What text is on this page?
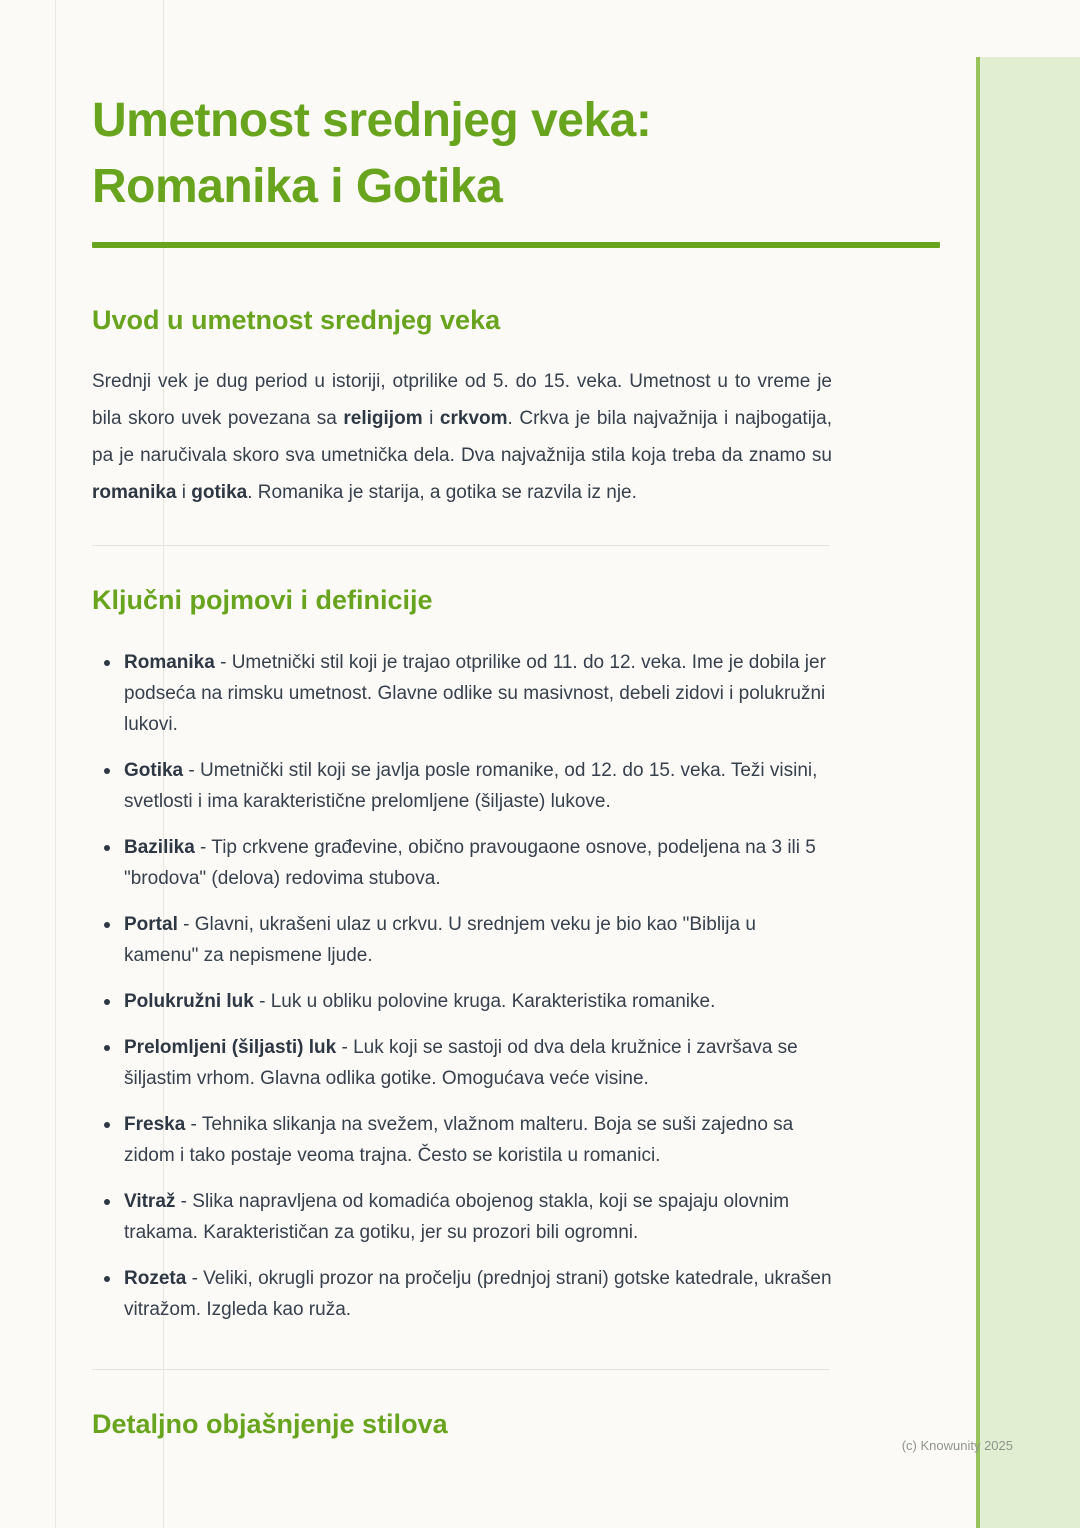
Umetnost srednjeg veka:
Romanika i Gotika
Uvod u umetnost srednjeg veka

Srednji vek je dug period u istoriji, otprilike od 5. do 15. veka. Umetnost u to vreme je bila skoro uvek povezana sa religijom i crkvom. Crkva je bila najvažnija i najbogatija, pa je naručivala skoro sva umetnička dela. Dva najvažnija stila koja treba da znamo su romanika i gotika. Romanika je starija, a gotika se razvila iz nje.

Ključni pojmovi i definicije
Romanika - Umetnički stil koji je trajao otprilike od 11. do 12. veka. Ime je dobila jer podseća na rimsku umetnost. Glavne odlike su masivnost, debeli zidovi i polukružni lukovi.
Gotika - Umetnički stil koji se javlja posle romanike, od 12. do 15. veka. Teži visini, svetlosti i ima karakteristične prelomljene (šiljaste) lukove.
Bazilika - Tip crkvene građevine, obično pravougaone osnove, podeljena na 3 ili 5 "brodova" (delova) redovima stubova.
Portal - Glavni, ukrašeni ulaz u crkvu. U srednjem veku je bio kao "Biblija u kamenu" za nepismene ljude.
Polukružni luk - Luk u obliku polovine kruga. Karakteristika romanike.
Prelomljeni (šiljasti) luk - Luk koji se sastoji od dva dela kružnice i završava se šiljastim vrhom. Glavna odlika gotike. Omogućava veće visine.
Freska - Tehnika slikanja na svežem, vlažnom malteru. Boja se suši zajedno sa zidom i tako postaje veoma trajna. Često se koristila u romanici.
Vitraž - Slika napravljena od komadića obojenog stakla, koji se spajaju olovnim trakama. Karakterističan za gotiku, jer su prozori bili ogromni.
Rozeta - Veliki, okrugli prozor na pročelju (prednjoj strani) gotske katedrale, ukrašen vitražom. Izgleda kao ruža.
Detaljno objašnjenje stilova
(c) Knowunity 2025
